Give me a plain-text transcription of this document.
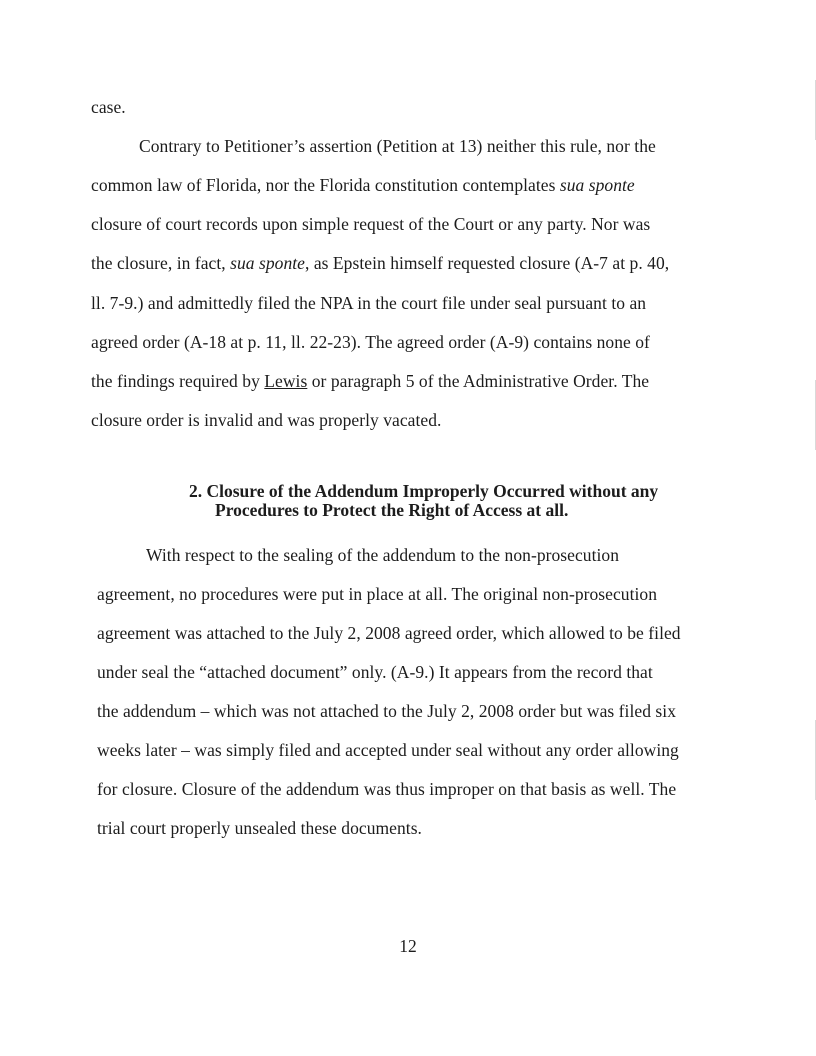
case.
Contrary to Petitioner’s assertion (Petition at 13) neither this rule, nor the
common law of Florida, nor the Florida constitution contemplates sua sponte
closure of court records upon simple request of the Court or any party. Nor was
the closure, in fact, sua sponte, as Epstein himself requested closure (A-7 at p. 40,
ll. 7-9.) and admittedly filed the NPA in the court file under seal pursuant to an
agreed order (A-18 at p. 11, ll. 22-23). The agreed order (A-9) contains none of
the findings required by Lewis or paragraph 5 of the Administrative Order. The
closure order is invalid and was properly vacated.
2. Closure of the Addendum Improperly Occurred without any
Procedures to Protect the Right of Access at all.
With respect to the sealing of the addendum to the non-prosecution
agreement, no procedures were put in place at all. The original non-prosecution
agreement was attached to the July 2, 2008 agreed order, which allowed to be filed
under seal the “attached document” only. (A-9.) It appears from the record that
the addendum – which was not attached to the July 2, 2008 order but was filed six
weeks later – was simply filed and accepted under seal without any order allowing
for closure. Closure of the addendum was thus improper on that basis as well. The
trial court properly unsealed these documents.
12
